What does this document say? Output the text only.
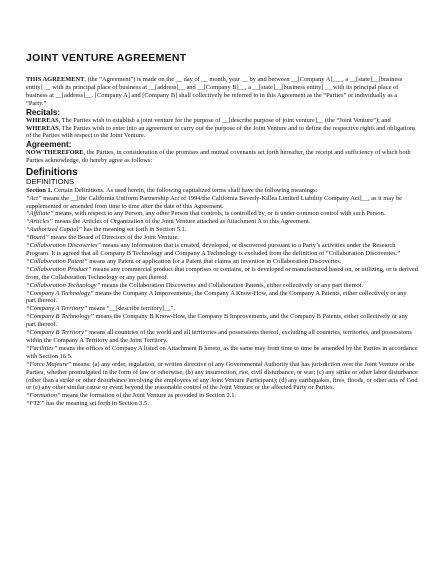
JOINT VENTURE AGREEMENT

THIS AGREEMENT, (the “Agreement”) is made on the __ day of __ month, year __ by and between __[Company A]___, a __[state]__[business entity] __ with its principal place of business at __[address]__ and __[Company B]__, a __[state]__[business entity] __ with its principal place of business at __[address]__. [Company A] and [Company B] shall collectively be referred to in this Agreement as the “Parties” or individually as a “Party.”

Recitals:

WHEREAS, The Parties wish to establish a joint venture for the purpose of __[describe purpose of joint venture]__ (the “Joint Venture”); and

WHEREAS, The Parties wish to enter into an agreement to carry out the purpose of the Joint Venture and to define the respective rights and obligations of the Parties with respect to the Joint Venture.

Agreement:

NOW THEREFORE, the Parties, in consideration of the promises and mutual covenants set forth hereafter, the receipt and sufficiency of which both Parties acknowledge, do hereby agree as follows:

Definitions
DEFINITIONS

Section 1. Certain Definitions. As used herein, the following capitalized terms shall have the following meanings:

“Act” means the __[the California Uniform Partnership Act of 1994/the California Beverly-Killea Limited Liability Company Act]__, as it may be supplemented or amended from time to time after the date of this Agreement.

“Affiliate” means, with respect to any Person, any other Person that controls, is controlled by, or is under common control with such Person.

“Articles” means the Articles of Organization of the Joint Venture attached as Attachment A to this Agreement.

“Authorized Capital” has the meaning set forth in Section 5.1.

“Board” means the Board of Directors of the Joint Venture.

“Collaboration Discoveries” means any Information that is created, developed, or discovered pursuant to a Party’s activities under the Research Program. It is agreed that all Company B Technology and Company A Technology is excluded from the definition of “Collaboration Discoveries.”

“Collaboration Patent” means any Patent or application for a Patent that claims an invention in Collaboration Discoveries.

“Collaboration Product” means any commercial product that comprises or contains, or is developed or manufactured based on, or utilizing, or is derived from, the Collaboration Technology or any part thereof.

“Collaboration Technology” means the Collaboration Discoveries and Collaboration Patents, either collectively or any part thereof.

“Company A Technology” means the Company A Improvements, the Company A Know-How, and the Company A Patents, either collectively or any part thereof.

“Company A Territory” means “__[describe territory]__”.

“Company B Technology” means the Company B Know-How, the Company B Improvements, and the Company B Patents, either collectively or any part thereof.

“Company B Territory” means all countries of the world and all territories and possessions thereof, excluding all countries, territories, and possessions within the Company A Territory and the Joint Territory.

“Facilities” means the offices of Company A listed on Attachment B hereto, as the same may from time to time be amended by the Parties in accordance with Section 16.5.

“Force Majeure” means: (a) any order, regulation, or written directive of any Governmental Authority that has jurisdiction over the Joint Venture or the Parties, whether promulgated in the form of law or otherwise; (b) any insurrection, riot, civil disturbance, or war; (c) any strike or other labor disturbance (other than a strike or other disturbance involving the employees of any Joint Venture Participant); (d) any earthquakes, fires, floods, or other acts of God or (e) any other similar cause or event beyond the reasonable control of the Joint Venture or the affected Party or Parties.

“Formation” means the formation of the Joint Venture as provided in Section 2.1.

“FTE” has the meaning set forth in Section 3.5.
